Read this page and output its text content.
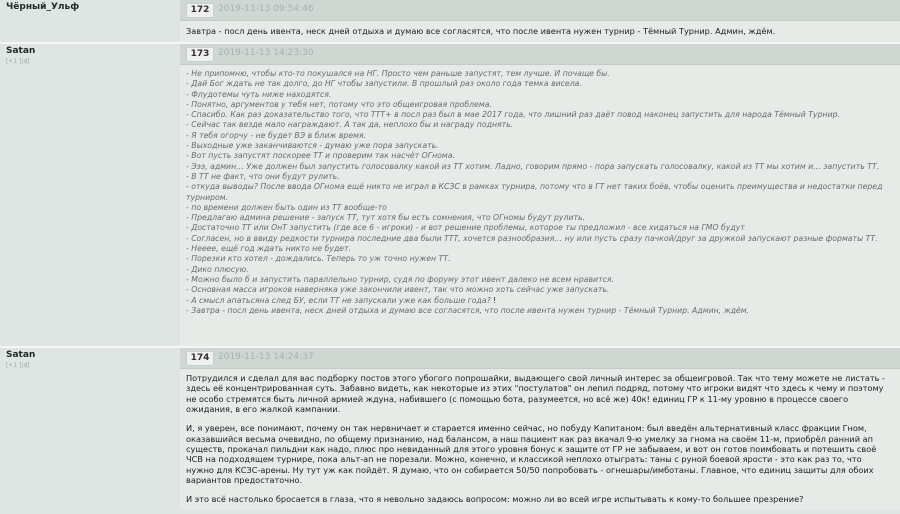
Чёрный_Ульф	172 2019-11-13 09:54:46
Завтра - посл день ивента, неск дней отдыха и думаю все согласятся, что после ивента нужен турнир - Тёмный Турнир. Админ, ждём.
Satan
[+1 ]¦d]
173 2019-11-13 14:23:30
- Не припомню, чтобы кто-то покушался на НГ. Просто чем раньше запустят, тем лучше. И почаще бы.
- Дай Бог ждать не так долго, до НГ чтобы запустили. В прошлый раз около года темка висела.
- Флудотемы чуть ниже находятся.
- Понятно, аргументов у тебя нет, потому что это общеигровая проблема.
- Спасибо. Как раз доказательство того, что ТТТ+ в посл раз был в мае 2017 года, что лишний раз даёт повод наконец запустить для народа Тёмный Турнир.
- Сейчас так везде мало награждают. А так да, неплохо бы и награду поднять.
- Я тебя огорчу - не будет ВЭ в ближ время.
- Выходные уже заканчиваются - думаю уже пора запускать.
- Вот пусть запустят поскорее ТТ и проверим так насчёт ОГнома.
- Эээ, админ… Уже должен был запустить голосовалку какой из ТТ хотим. Ладно, говорим прямо - пора запускать голосовалку, какой из ТТ мы хотим и… запустить ТТ.
- В ТТ не факт, что они будут рулить.
- откуда выводы? После ввода ОГнома ещё никто не играл в КСЗС в рамках турнира, потому что в ГТ нет таких боёв, чтобы оценить преимущества и недостатки перед турниром.
- по времени должен быть один из ТТ вообще-то
- Предлагаю админа решение - запуск ТТ, тут хотя бы есть сомнения, что ОГномы будут рулить.
- Достаточно ТТ или ОнТ запустить (где все 6 - игроки) - и вот решение проблемы, которое ты предложил - все хидаться на ГМО будут
- Согласен, но в ввиду редкости турнира последние два были ТТТ, хочется разнообразия… ну или пусть сразу пачкой/друг за дружкой запускают разные форматы ТТ.
- Нееее, ещё год ждать никто не будет.
- Порезки кто хотел - дождались. Теперь то уж точно нужен ТТ.
- Дико плюсую.
- Можно было б и запустить параллельно турнир, судя по форуму этот ивент далеко не всем нравится.
- Основная масса игроков наверняка уже закончили ивент, так что можно хоть сейчас уже запускать.
- А смысл апатьсяна след БУ, если ТТ не запускали уже как больше года? !
- Завтра - посл день ивента, неск дней отдыха и думаю все согласятся, что после ивента нужен турнир - Тёмный Турнир. Админ, ждём.
Satan
[+1 ]¦d]
174 2019-11-13 14:24:37

Потрудился и сделал для вас подборку постов этого убогого попрошайки, выдающего свой личный интерес за общеигровой. Так что тему можете не листать - здесь её концентрированная суть. Забавно видеть, как некоторые из этих "постулатов" он лепил подряд, потому что игроки видят что здесь к чему и поэтому не особо стремятся быть личной армией ждуна, набившего (с помощью бота, разумеется, но всё же) 40к! единиц ГР к 11-му уровню в процессе своего ожидания, в его жалкой кампании.

И, я уверен, все понимают, почему он так нервничает и старается именно сейчас, но побуду Капитаном: был введён альтернативный класс фракции Гном, оказавшийся весьма очевидно, по общему признанию, над балансом, а наш пациент как раз вкачал 9-ю умелку за гнома на своём 11-м, приобрёл ранний ап существ, прокачал пильдни как надо, плюс про невиданный для этого уровня бонус к защите от ГР не забываем, и вот он готов поимбовать и потешить своё ЧСВ на подходящем турнире, пока альт-ап не порезали. Можно, конечно, и классикой неплохо отыграть: таны с руной боевой ярости - это как раз то, что нужно для КСЗС-арены. Ну тут уж как пойдёт. Я думаю, что он собирается 50/50 попробовать - огнешары/имботаны. Главное, что единиц защиты для обоих вариантов предостаточно.

И это всё настолько бросается в глаза, что я невольно задаюсь вопросом: можно ли во всей игре испытывать к кому-то большее презрение?
